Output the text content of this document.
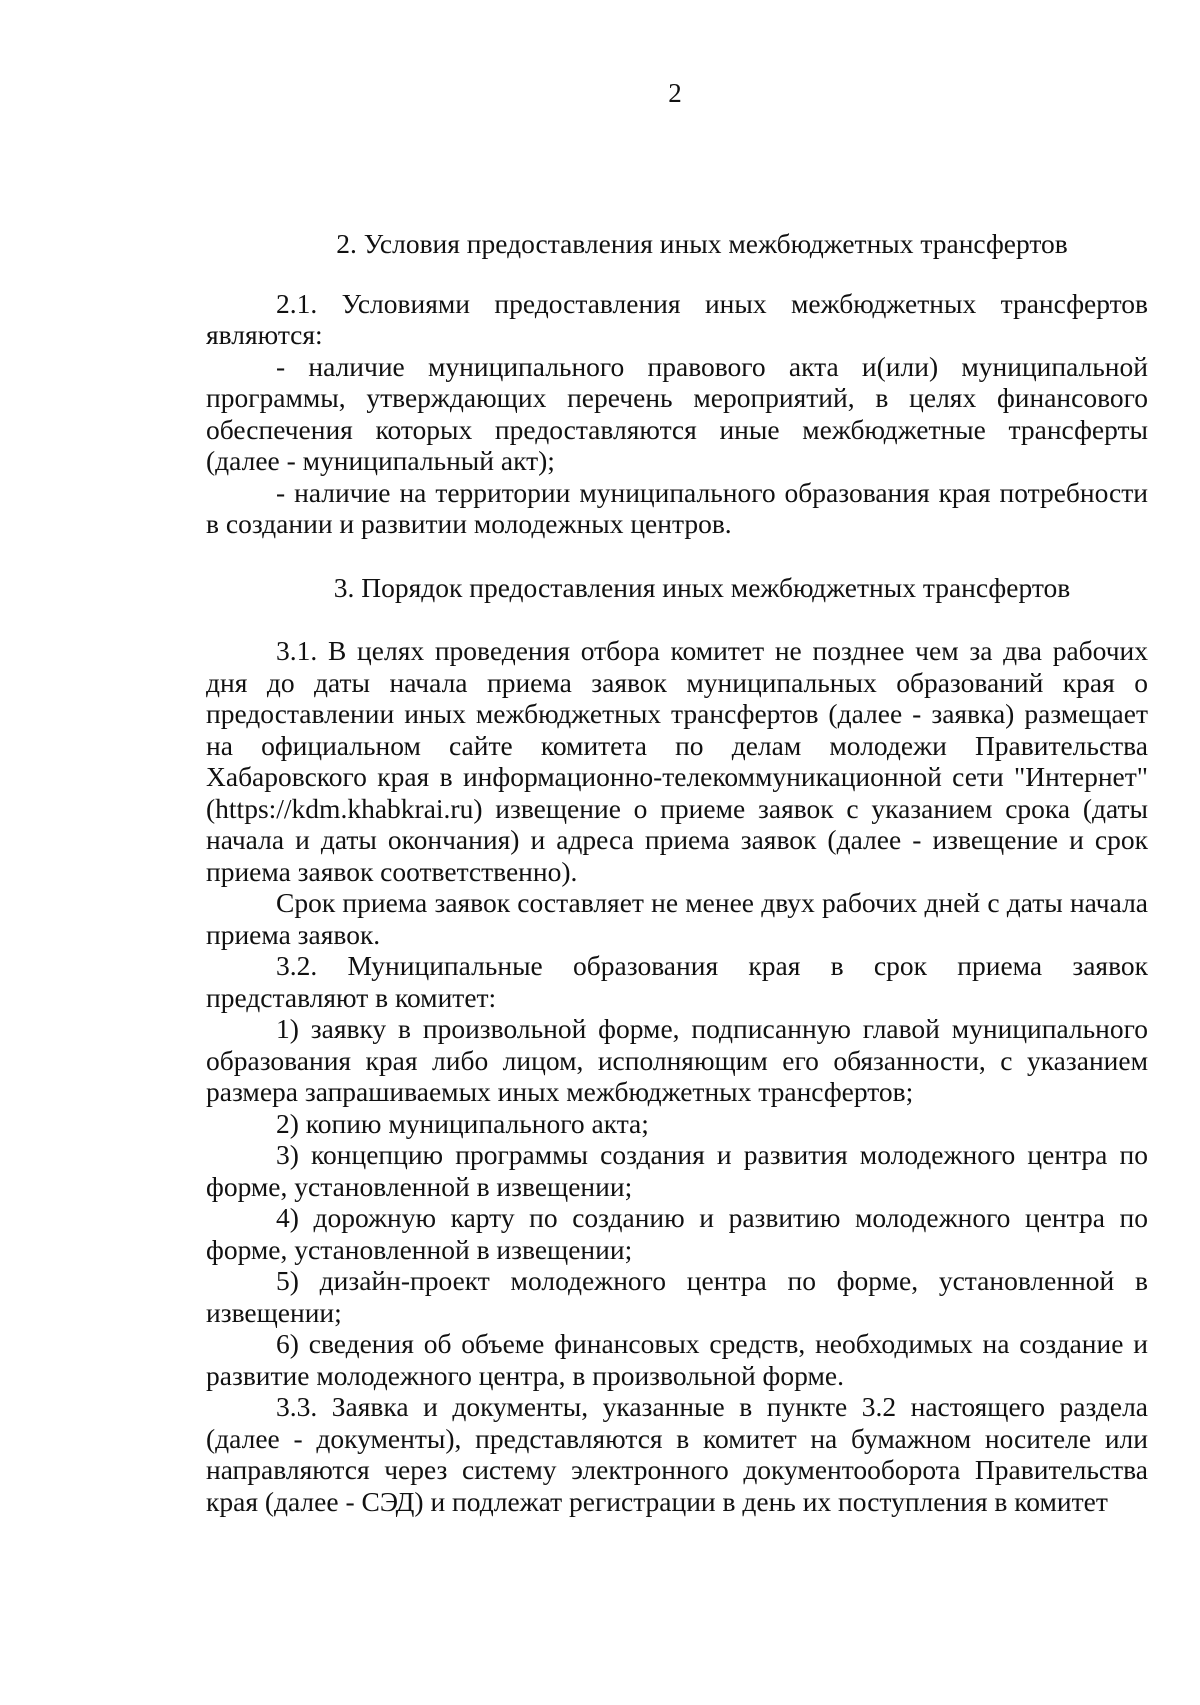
2
2. Условия предоставления иных межбюджетных трансфертов

2.1. Условиями предоставления иных межбюджетных трансфертов являются:

- наличие муниципального правового акта и(или) муниципальной программы, утверждающих перечень мероприятий, в целях финансового обеспечения которых предоставляются иные межбюджетные трансферты (далее - муниципальный акт);

- наличие на территории муниципального образования края потребности в создании и развитии молодежных центров.

3. Порядок предоставления иных межбюджетных трансфертов

3.1. В целях проведения отбора комитет не позднее чем за два рабочих дня до даты начала приема заявок муниципальных образований края о предоставлении иных межбюджетных трансфертов (далее - заявка) размещает на официальном сайте комитета по делам молодежи Правительства Хабаровского края в информационно-телекоммуникационной сети "Интернет" (https://kdm.khabkrai.ru) извещение о приеме заявок с указанием срока (даты начала и даты окончания) и адреса приема заявок (далее - извещение и срок приема заявок соответственно).

Срок приема заявок составляет не менее двух рабочих дней с даты начала приема заявок.

3.2. Муниципальные образования края в срок приема заявок представляют в комитет:

1) заявку в произвольной форме, подписанную главой муниципального образования края либо лицом, исполняющим его обязанности, с указанием размера запрашиваемых иных межбюджетных трансфертов;

2) копию муниципального акта;

3) концепцию программы создания и развития молодежного центра по форме, установленной в извещении;

4) дорожную карту по созданию и развитию молодежного центра по форме, установленной в извещении;

5) дизайн-проект молодежного центра по форме, установленной в извещении;

6) сведения об объеме финансовых средств, необходимых на создание и развитие молодежного центра, в произвольной форме.

3.3. Заявка и документы, указанные в пункте 3.2 настоящего раздела (далее - документы), представляются в комитет на бумажном носителе или направляются через систему электронного документооборота Правительства края (далее - СЭД) и подлежат регистрации в день их поступления в комитет
